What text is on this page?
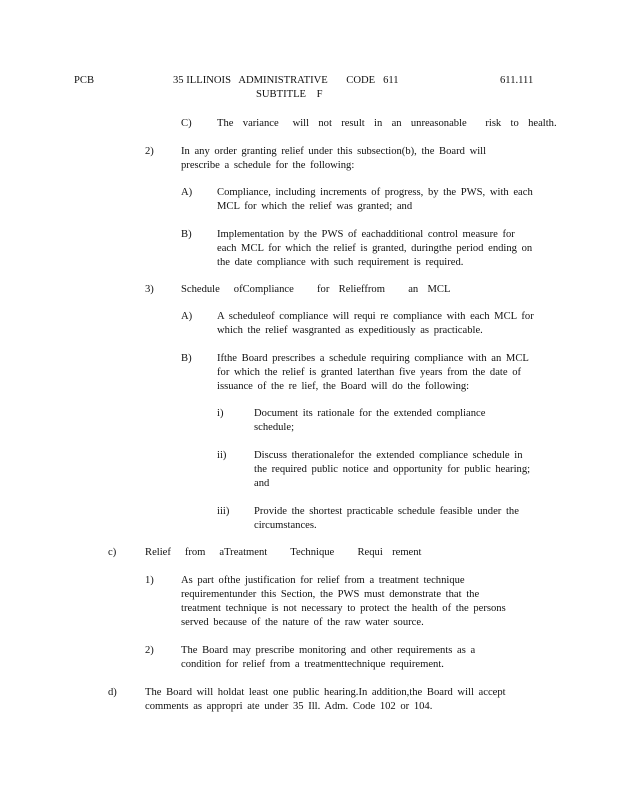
PCB	35 ILLINOIS   ADMINISTRATIVE       CODE   611
SUBTITLE    F
611.111
C) The  variance   will  not  result  in  an  unreasonable    risk  to  health.
2)	In any order granting relief under this subsection(b), the Board will prescribe a schedule for the following:
A) Compliance, including increments of progress, by the PWS, with each MCL for which the relief was granted; and
B) Implementation by the PWS of eachadditional control measure for each MCL for which the relief is granted, duringthe period ending on the date compliance with such requirement is required.
3)	Schedule   ofCompliance     for  Relieffrom     an  MCL
A) A scheduleof compliance will requi re compliance with each MCL for which the relief wasgranted as expeditiously as practicable.
B) Ifthe Board prescribes a schedule requiring compliance with an MCL for which the relief is granted laterthan five years from the date of issuance of the re lief, the Board will do the following:
i)	Document its rationale for the extended compliance schedule;
ii)	Discuss therationalefor the extended compliance schedule in the required public notice and opportunity for public hearing; and
iii) Provide the shortest practicable schedule feasible under the circumstances.
c)	Relief   from   aTreatment     Technique     Requi  rement
1)	As part ofthe justification for relief from a treatment technique requirementunder this Section, the PWS must demonstrate that the treatment technique is not necessary to protect the health of the persons served because of the nature of the raw water source.
2)	The Board may prescribe monitoring and other requirements as a condition for relief from a treatmenttechnique requirement.
d)	The Board will holdat least one public hearing.In addition,the Board will accept comments as appropri ate under 35 Ill. Adm. Code 102 or 104.
